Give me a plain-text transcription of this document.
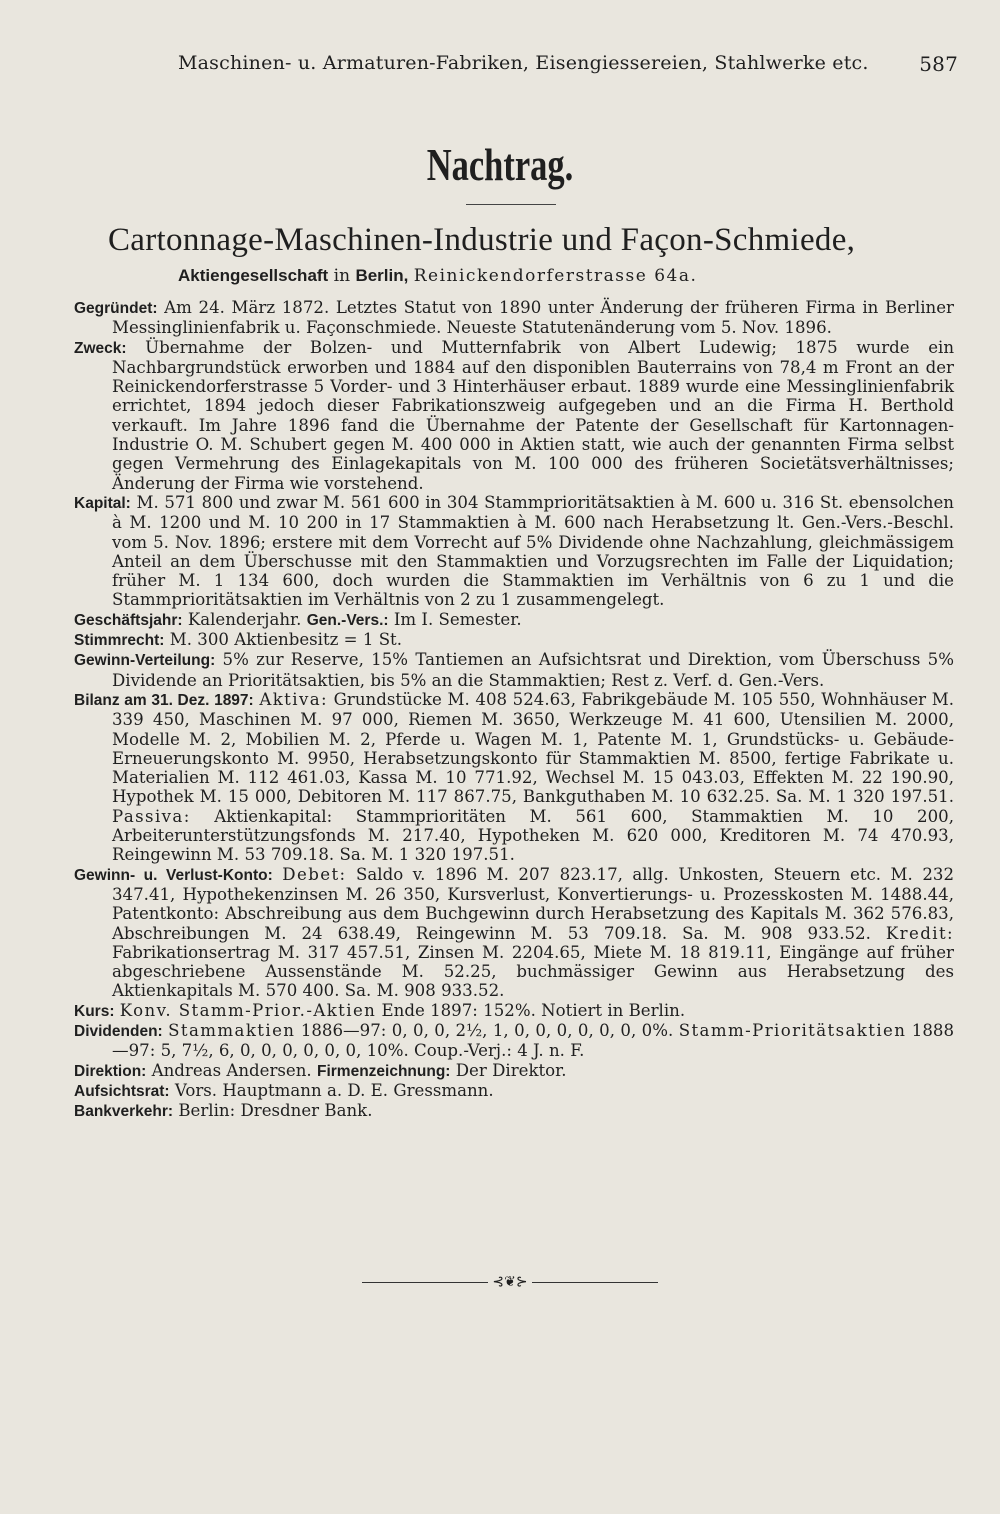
Maschinen- u. Armaturen-Fabriken, Eisengiessereien, Stahlwerke etc.	587
Nachtrag.
Cartonnage-Maschinen-Industrie und Façon-Schmiede,
Aktiengesellschaft in Berlin, Reinickendorferstrasse 64a.

Gegründet: Am 24. März 1872. Letztes Statut von 1890 unter Änderung der früheren Firma in Berliner Messinglinienfabrik u. Façonschmiede. Neueste Statutenänderung vom 5. Nov. 1896.

Zweck: Übernahme der Bolzen- und Mutternfabrik von Albert Ludewig; 1875 wurde ein Nachbargrundstück erworben und 1884 auf den disponiblen Bauterrains von 78,4 m Front an der Reinickendorferstrasse 5 Vorder- und 3 Hinterhäuser erbaut. 1889 wurde eine Messinglinienfabrik errichtet, 1894 jedoch dieser Fabrikationszweig aufgegeben und an die Firma H. Berthold verkauft. Im Jahre 1896 fand die Übernahme der Patente der Gesellschaft für Kartonnagen-Industrie O. M. Schubert gegen M. 400 000 in Aktien statt, wie auch der genannten Firma selbst gegen Vermehrung des Einlagekapitals von M. 100 000 des früheren Societätsverhältnisses; Änderung der Firma wie vorstehend.

Kapital: M. 571 800 und zwar M. 561 600 in 304 Stammprioritätsaktien à M. 600 u. 316 St. ebensolchen à M. 1200 und M. 10 200 in 17 Stammaktien à M. 600 nach Herabsetzung lt. Gen.-Vers.-Beschl. vom 5. Nov. 1896; erstere mit dem Vorrecht auf 5% Dividende ohne Nachzahlung, gleichmässigem Anteil an dem Überschusse mit den Stammaktien und Vorzugsrechten im Falle der Liquidation; früher M. 1 134 600, doch wurden die Stammaktien im Verhältnis von 6 zu 1 und die Stammprioritätsaktien im Verhältnis von 2 zu 1 zusammengelegt.

Geschäftsjahr: Kalenderjahr. Gen.-Vers.: Im I. Semester.

Stimmrecht: M. 300 Aktienbesitz = 1 St.

Gewinn-Verteilung: 5% zur Reserve, 15% Tantiemen an Aufsichtsrat und Direktion, vom Überschuss 5% Dividende an Prioritätsaktien, bis 5% an die Stammaktien; Rest z. Verf. d. Gen.-Vers.

Bilanz am 31. Dez. 1897: Aktiva: Grundstücke M. 408 524.63, Fabrikgebäude M. 105 550, Wohnhäuser M. 339 450, Maschinen M. 97 000, Riemen M. 3650, Werkzeuge M. 41 600, Utensilien M. 2000, Modelle M. 2, Mobilien M. 2, Pferde u. Wagen M. 1, Patente M. 1, Grundstücks- u. Gebäude-Erneuerungskonto M. 9950, Herabsetzungskonto für Stammaktien M. 8500, fertige Fabrikate u. Materialien M. 112 461.03, Kassa M. 10 771.92, Wechsel M. 15 043.03, Effekten M. 22 190.90, Hypothek M. 15 000, Debitoren M. 117 867.75, Bankguthaben M. 10 632.25. Sa. M. 1 320 197.51. Passiva: Aktienkapital: Stammprioritäten M. 561 600, Stammaktien M. 10 200, Arbeiterunterstützungsfonds M. 217.40, Hypotheken M. 620 000, Kreditoren M. 74 470.93, Reingewinn M. 53 709.18. Sa. M. 1 320 197.51.

Gewinn- u. Verlust-Konto: Debet: Saldo v. 1896 M. 207 823.17, allg. Unkosten, Steuern etc. M. 232 347.41, Hypothekenzinsen M. 26 350, Kursverlust, Konvertierungs- u. Prozesskosten M. 1488.44, Patentkonto: Abschreibung aus dem Buchgewinn durch Herabsetzung des Kapitals M. 362 576.83, Abschreibungen M. 24 638.49, Reingewinn M. 53 709.18. Sa. M. 908 933.52. Kredit: Fabrikationsertrag M. 317 457.51, Zinsen M. 2204.65, Miete M. 18 819.11, Eingänge auf früher abgeschriebene Aussenstände M. 52.25, buchmässiger Gewinn aus Herabsetzung des Aktienkapitals M. 570 400. Sa. M. 908 933.52.

Kurs: Konv. Stamm-Prior.-Aktien Ende 1897: 152%. Notiert in Berlin.

Dividenden: Stammaktien 1886—97: 0, 0, 0, 2½, 1, 0, 0, 0, 0, 0, 0, 0%. Stamm-Prioritätsaktien 1888—97: 5, 7½, 6, 0, 0, 0, 0, 0, 0, 10%. Coup.-Verj.: 4 J. n. F.

Direktion: Andreas Andersen. Firmenzeichnung: Der Direktor.

Aufsichtsrat: Vors. Hauptmann a. D. E. Gressmann.

Bankverkehr: Berlin: Dresdner Bank.

⊰❦⊱
